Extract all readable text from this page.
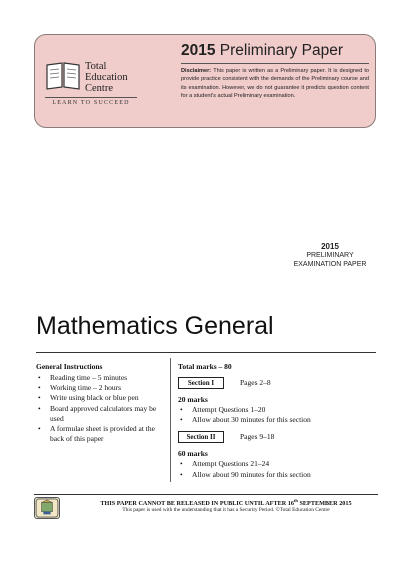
Total
Education
Centre
LEARN TO SUCCEED
2015 Preliminary Paper
Disclaimer: This paper is written as a Preliminary paper. It is designed to provide practice consistent with the demands of the Preliminary course and its examination. However, we do not guarantee it predicts question content for a student's actual Preliminary examination.
2015
PRELIMINARY
EXAMINATION PAPER
Mathematics General
General Instructions
• Reading time – 5 minutes
• Working time – 2 hours
• Write using black or blue pen
• Board approved calculators may be used
• A formulae sheet is provided at the back of this paper
Total marks – 80
Section I	Pages 2–8
20 marks
• Attempt Questions 1–20
• Allow about 30 minutes for this section
Section II	Pages 9–18
60 marks
• Attempt Questions 21–24
• Allow about 90 minutes for this section
THIS PAPER CANNOT BE RELEASED IN PUBLIC UNTIL AFTER 16th SEPTEMBER 2015
This paper is used with the understanding that it has a Security Period. ©Total Education Centre
